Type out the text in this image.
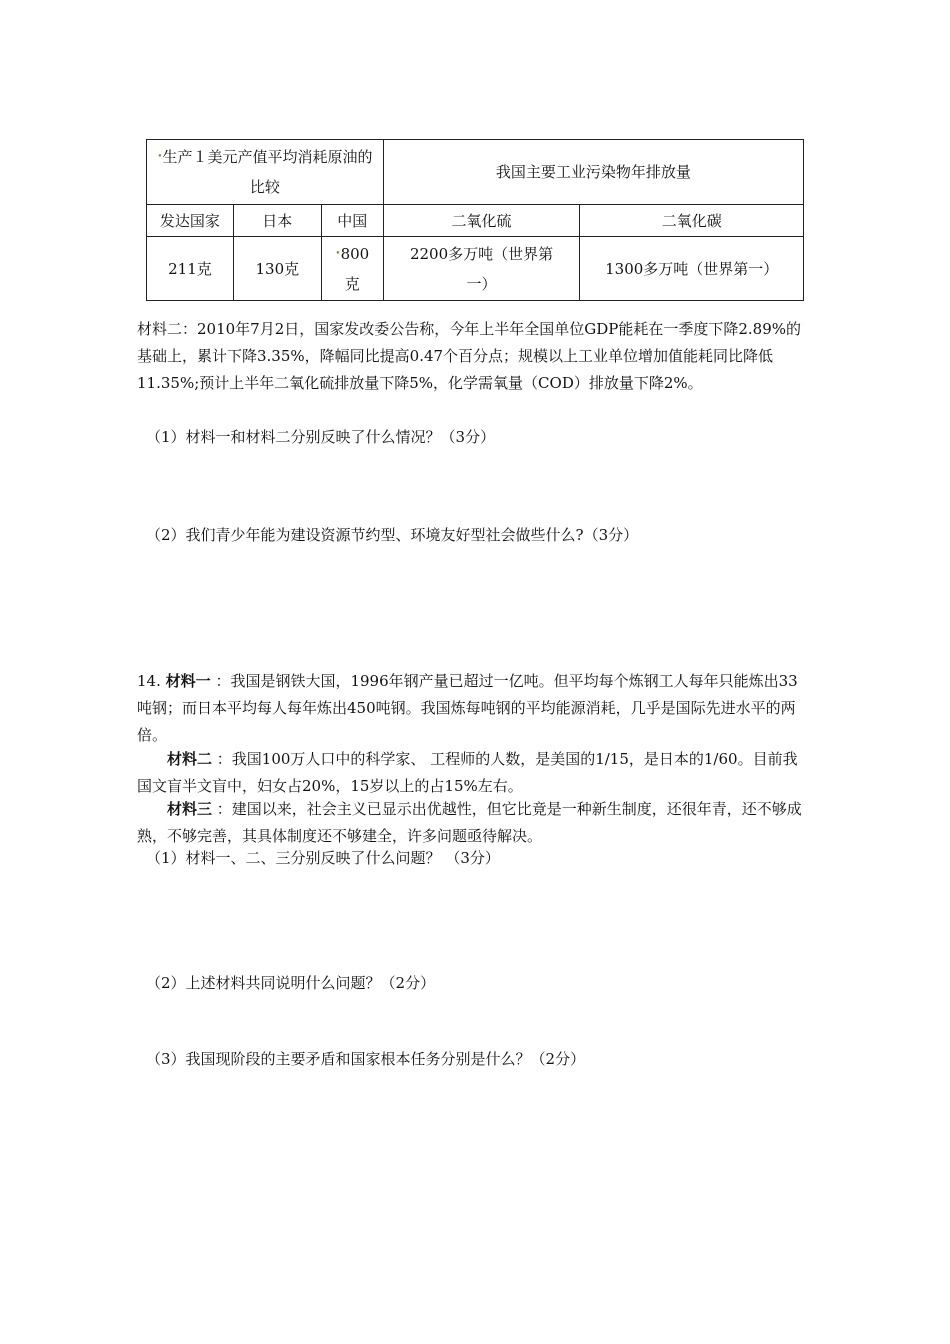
•生产１美元产值平均消耗原油的比较			我国主要工业污染物年排放量	
发达国家	日本	中国	二氧化硫	二氧化碳
211克	130克	•800克	2200多万吨（世界第一）	1300多万吨（世界第一）

材料二：2010年7月2日，国家发改委公告称，今年上半年全国单位GDP能耗在一季度下降2.89%的基础上，累计下降3.35%，降幅同比提高0.47个百分点；规模以上工业单位增加值能耗同比降低11.35%;预计上半年二氧化硫排放量下降5%，化学需氧量（COD）排放量下降2%。

（1）材料一和材料二分别反映了什么情况？（3分）

（2）我们青少年能为建设资源节约型、环境友好型社会做些什么?（3分）

14. 材料一 ：我国是钢铁大国，1996年钢产量已超过一亿吨。但平均每个炼钢工人每年只能炼出33吨钢；而日本平均每人每年炼出450吨钢。我国炼每吨钢的平均能源消耗，几乎是国际先进水平的两倍。
材料二 ：我国100万人口中的科学家、 工程师的人数，是美国的1/15，是日本的1/60。目前我国文盲半文盲中，妇女占20%，15岁以上的占15%左右。
材料三 ：建国以来，社会主义已显示出优越性，但它比竟是一种新生制度，还很年青，还不够成熟，不够完善，其具体制度还不够建全，许多问题亟待解决。

（1）材料一、二、三分别反映了什么问题？ （3分）

（2）上述材料共同说明什么问题？（2分）

（3）我国现阶段的主要矛盾和国家根本任务分别是什么？（2分）
